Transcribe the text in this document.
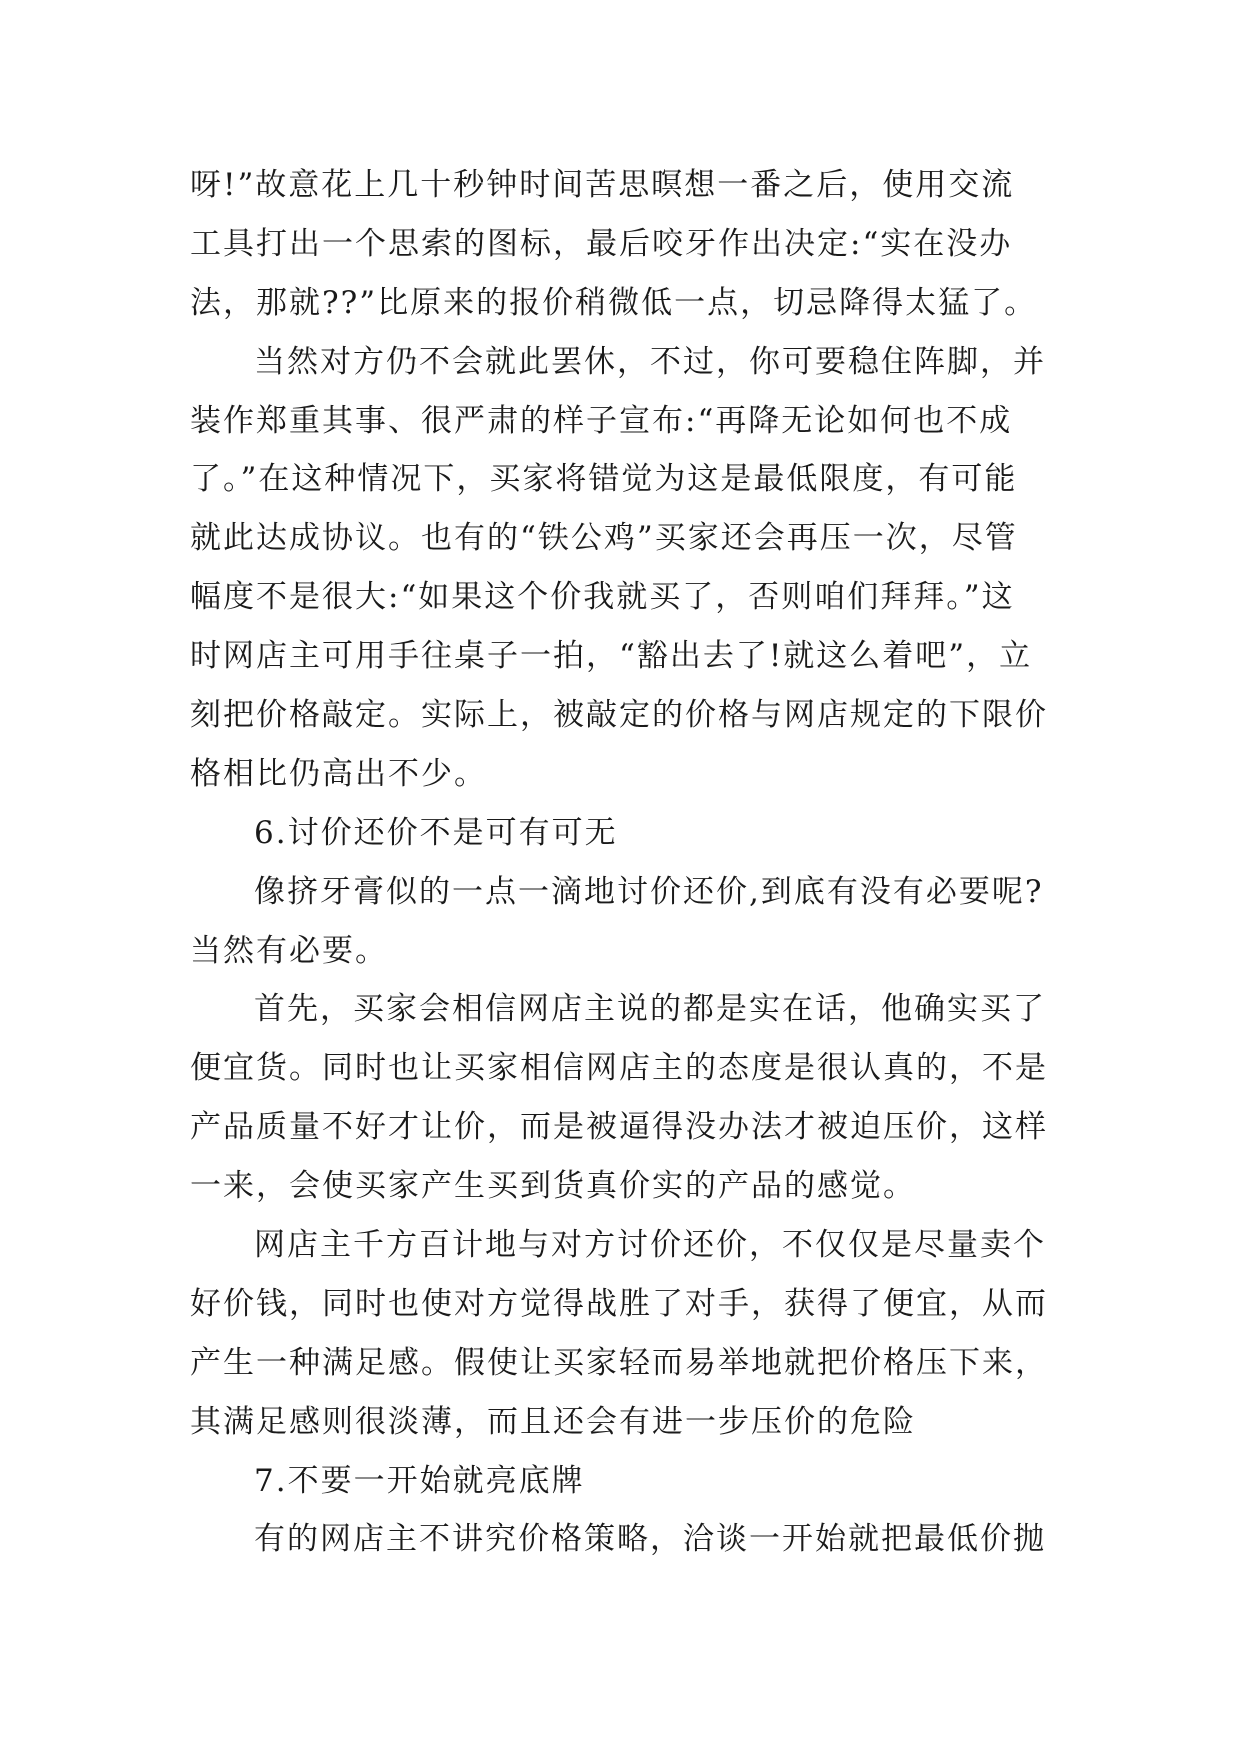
呀!”故意花上几十秒钟时间苦思暝想一番之后，使用交流
工具打出一个思索的图标，最后咬牙作出决定:“实在没办
法，那就??”比原来的报价稍微低一点，切忌降得太猛了。
当然对方仍不会就此罢休，不过，你可要稳住阵脚，并
装作郑重其事、很严肃的样子宣布:“再降无论如何也不成
了。”在这种情况下，买家将错觉为这是最低限度，有可能
就此达成协议。也有的“铁公鸡”买家还会再压一次，尽管
幅度不是很大:“如果这个价我就买了，否则咱们拜拜。”这
时网店主可用手往桌子一拍，“豁出去了!就这么着吧”，立
刻把价格敲定。实际上，被敲定的价格与网店规定的下限价
格相比仍高出不少。
6.讨价还价不是可有可无
像挤牙膏似的一点一滴地讨价还价,到底有没有必要呢?
当然有必要。
首先，买家会相信网店主说的都是实在话，他确实买了
便宜货。同时也让买家相信网店主的态度是很认真的，不是
产品质量不好才让价，而是被逼得没办法才被迫压价，这样
一来，会使买家产生买到货真价实的产品的感觉。
网店主千方百计地与对方讨价还价，不仅仅是尽量卖个
好价钱，同时也使对方觉得战胜了对手，获得了便宜，从而
产生一种满足感。假使让买家轻而易举地就把价格压下来，
其满足感则很淡薄，而且还会有进一步压价的危险
7.不要一开始就亮底牌
有的网店主不讲究价格策略，洽谈一开始就把最低价抛
